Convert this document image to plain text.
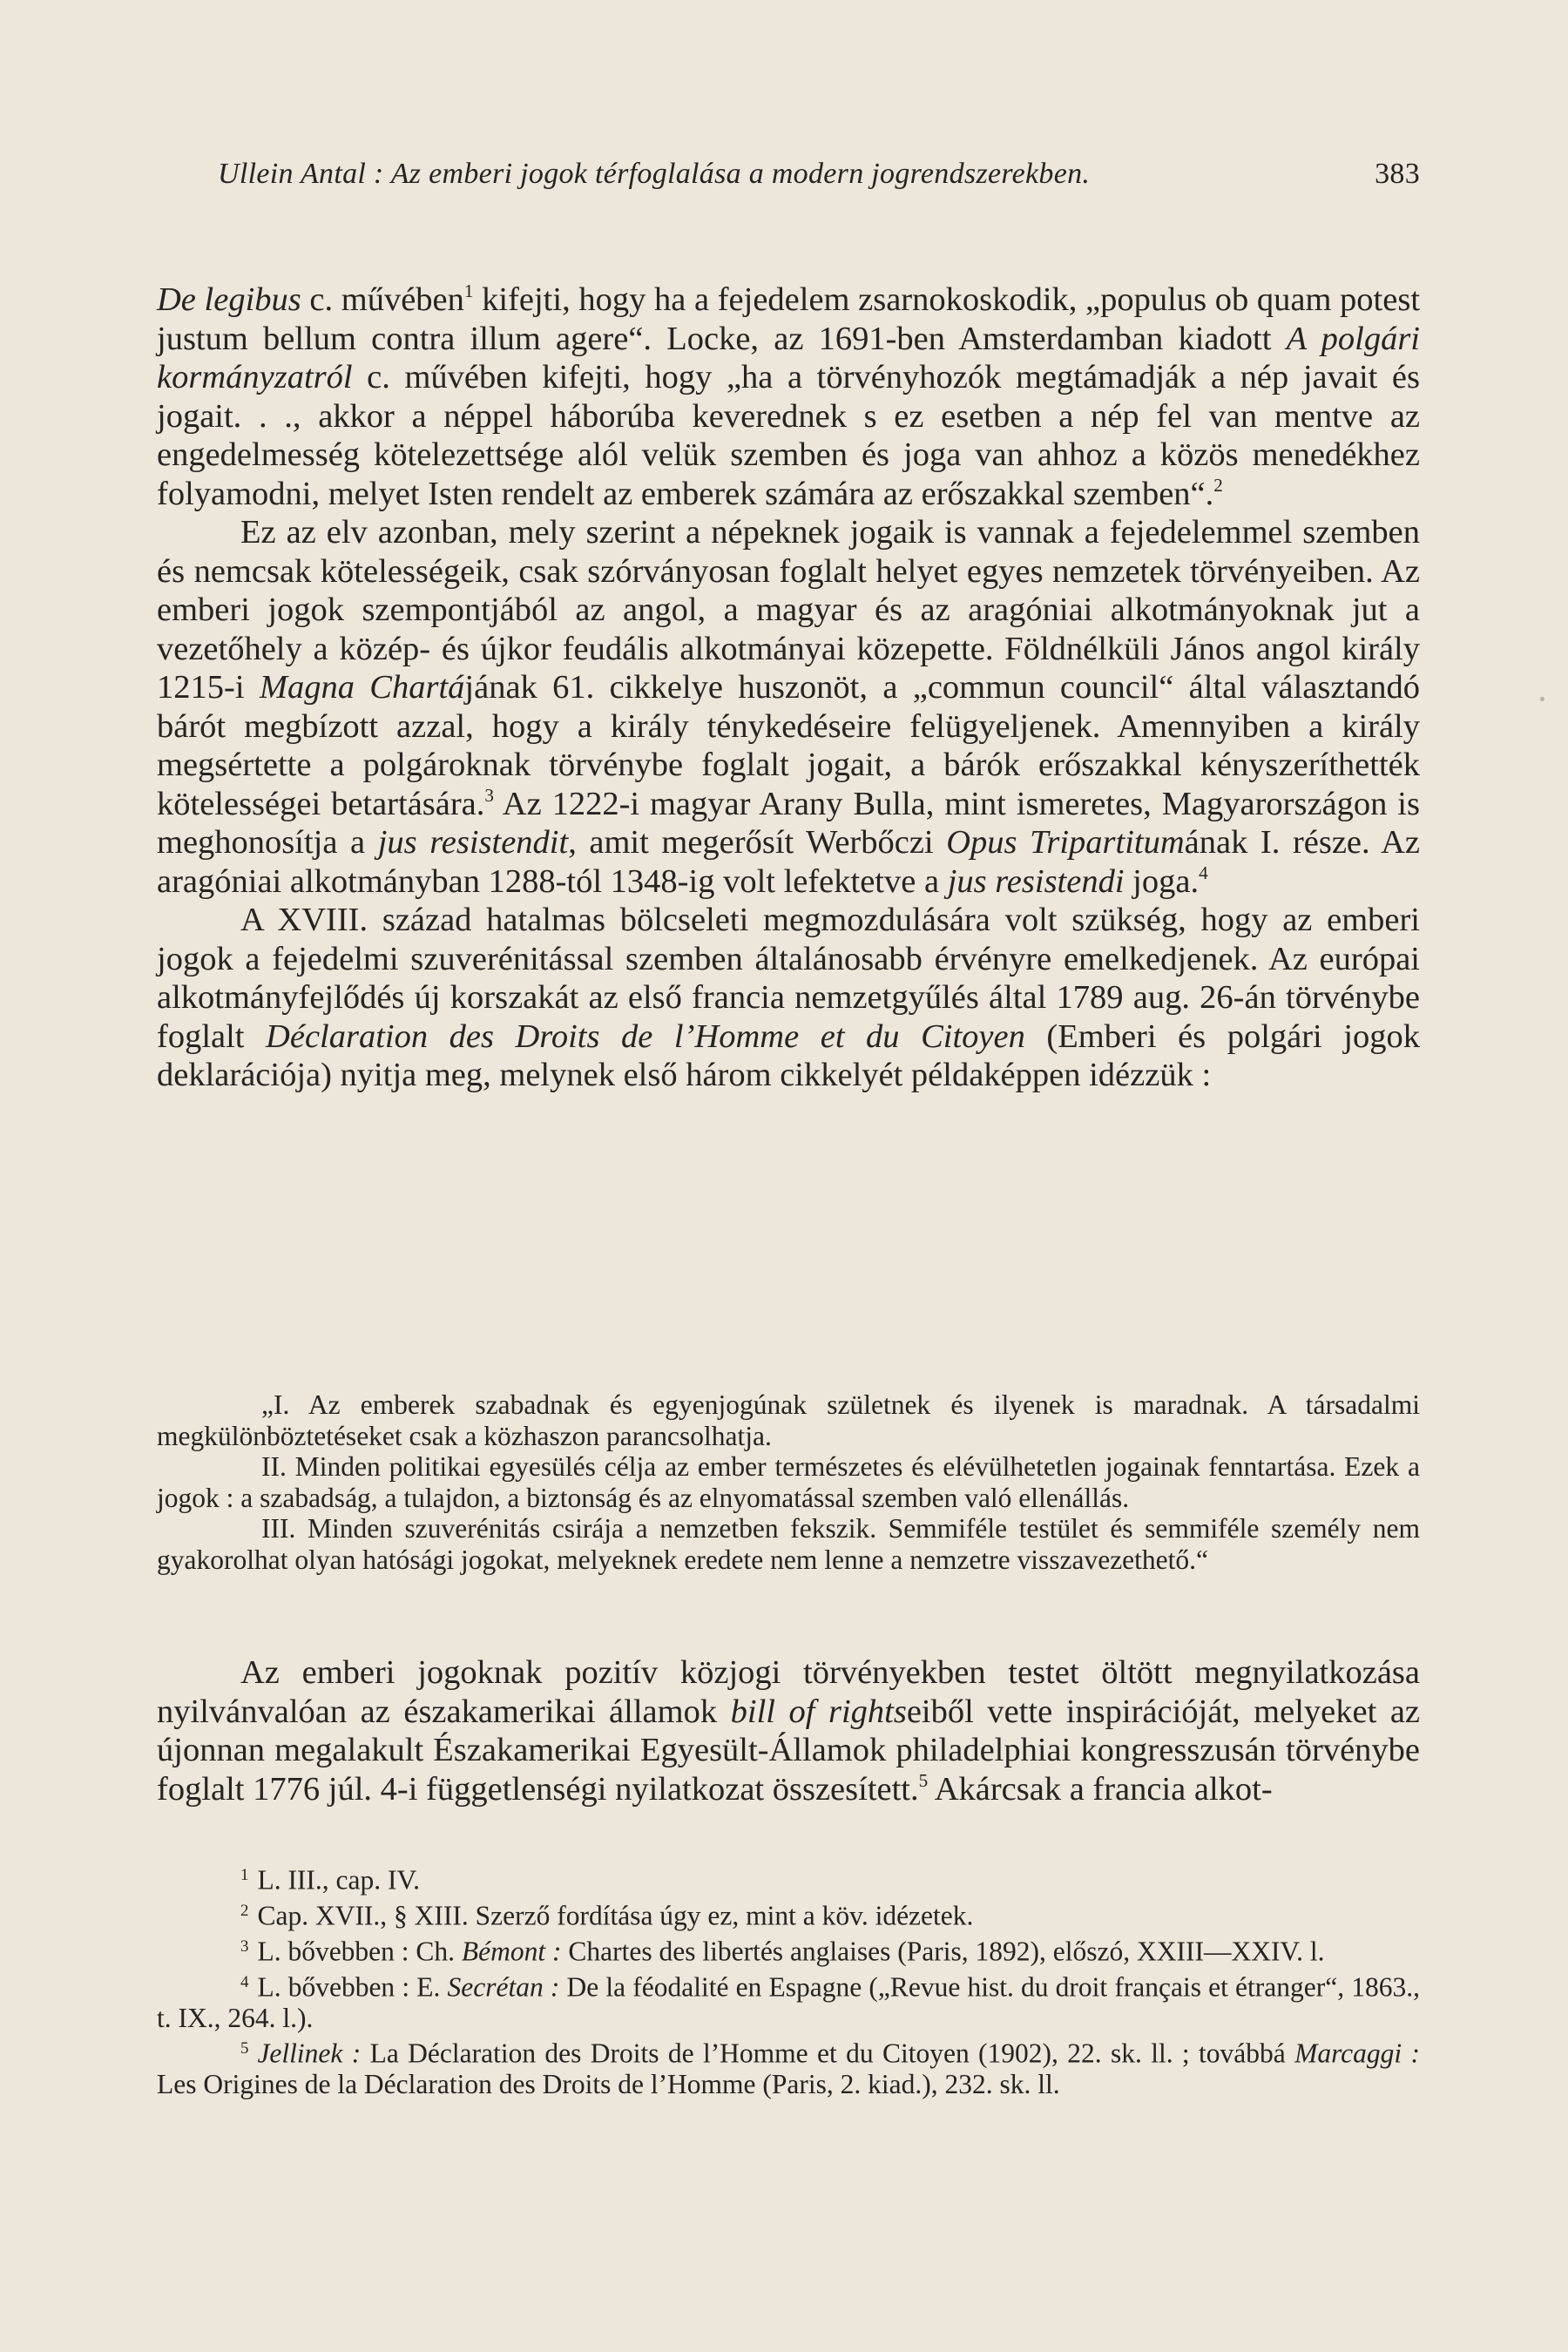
Ullein Antal : Az emberi jogok térfoglalása a modern jogrendszerekben.	383

De legibus c. művében$^1$ kifejti, hogy ha a fejedelem zsarnokoskodik, „populus ob quam potest justum bellum contra illum agere“. Locke, az 1691-ben Amsterdamban kiadott A polgári kormányzatról c. művében kifejti, hogy „ha a törvényhozók megtámadják a nép javait és jogait. . ., akkor a néppel háborúba keverednek s ez esetben a nép fel van mentve az engedelmesség kötelezettsége alól velük szemben és joga van ahhoz a közös menedékhez folyamodni, melyet Isten rendelt az emberek számára az erőszakkal szemben“.$^2$

Ez az elv azonban, mely szerint a népeknek jogaik is vannak a fejedelemmel szemben és nemcsak kötelességeik, csak szórványosan foglalt helyet egyes nemzetek törvényeiben. Az emberi jogok szempontjából az angol, a magyar és az aragóniai alkotmányoknak jut a vezetőhely a közép- és újkor feudális alkotmányai közepette. Földnélküli János angol király 1215-i Magna Chartájának 61. cikkelye huszonöt, a „commun council“ által választandó bárót megbízott azzal, hogy a király ténykedéseire felügyeljenek. Amennyiben a király megsértette a polgároknak törvénybe foglalt jogait, a bárók erőszakkal kényszeríthették kötelességei betartására.$^3$ Az 1222-i magyar Arany Bulla, mint ismeretes, Magyarországon is meghonosítja a jus resistendit, amit megerősít Werbőczi Opus Tripartitumának I. része. Az aragóniai alkotmányban 1288-tól 1348-ig volt lefektetve a jus resistendi joga.$^4$

A XVIII. század hatalmas bölcseleti megmozdulására volt szükség, hogy az emberi jogok a fejedelmi szuverénitással szemben általánosabb érvényre emelkedjenek. Az európai alkotmányfejlődés új korszakát az első francia nemzetgyűlés által 1789 aug. 26-án törvénybe foglalt Déclaration des Droits de l’Homme et du Citoyen (Emberi és polgári jogok deklarációja) nyitja meg, melynek első három cikkelyét példaképpen idézzük :

„I. Az emberek szabadnak és egyenjogúnak születnek és ilyenek is maradnak. A társadalmi megkülönböztetéseket csak a közhaszon parancsolhatja.

II. Minden politikai egyesülés célja az ember természetes és elévülhetetlen jogainak fenntartása. Ezek a jogok : a szabadság, a tulajdon, a biztonság és az elnyomatással szemben való ellenállás.

III. Minden szuverénitás csirája a nemzetben fekszik. Semmiféle testület és semmiféle személy nem gyakorolhat olyan hatósági jogokat, melyeknek eredete nem lenne a nemzetre visszavezethető.“

Az emberi jogoknak pozitív közjogi törvényekben testet öltött megnyilatkozása nyilvánvalóan az északamerikai államok bill of rightseiből vette inspirációját, melyeket az újonnan megalakult Északamerikai Egyesült-Államok philadelphiai kongresszusán törvénybe foglalt 1776 júl. 4-i függetlenségi nyilatkozat összesített.$^5$ Akárcsak a francia alkot-

$^1$ L. III., cap. IV.

$^2$ Cap. XVII., § XIII. Szerző fordítása úgy ez, mint a köv. idézetek.

$^3$ L. bővebben : Ch. Bémont : Chartes des libertés anglaises (Paris, 1892), előszó, XXIII—XXIV. l.

$^4$ L. bővebben : E. Secrétan : De la féodalité en Espagne („Revue hist. du droit français et étranger“, 1863., t. IX., 264. l.).

$^5$ Jellinek : La Déclaration des Droits de l’Homme et du Citoyen (1902), 22. sk. ll. ; továbbá Marcaggi : Les Origines de la Déclaration des Droits de l’Homme (Paris, 2. kiad.), 232. sk. ll.
